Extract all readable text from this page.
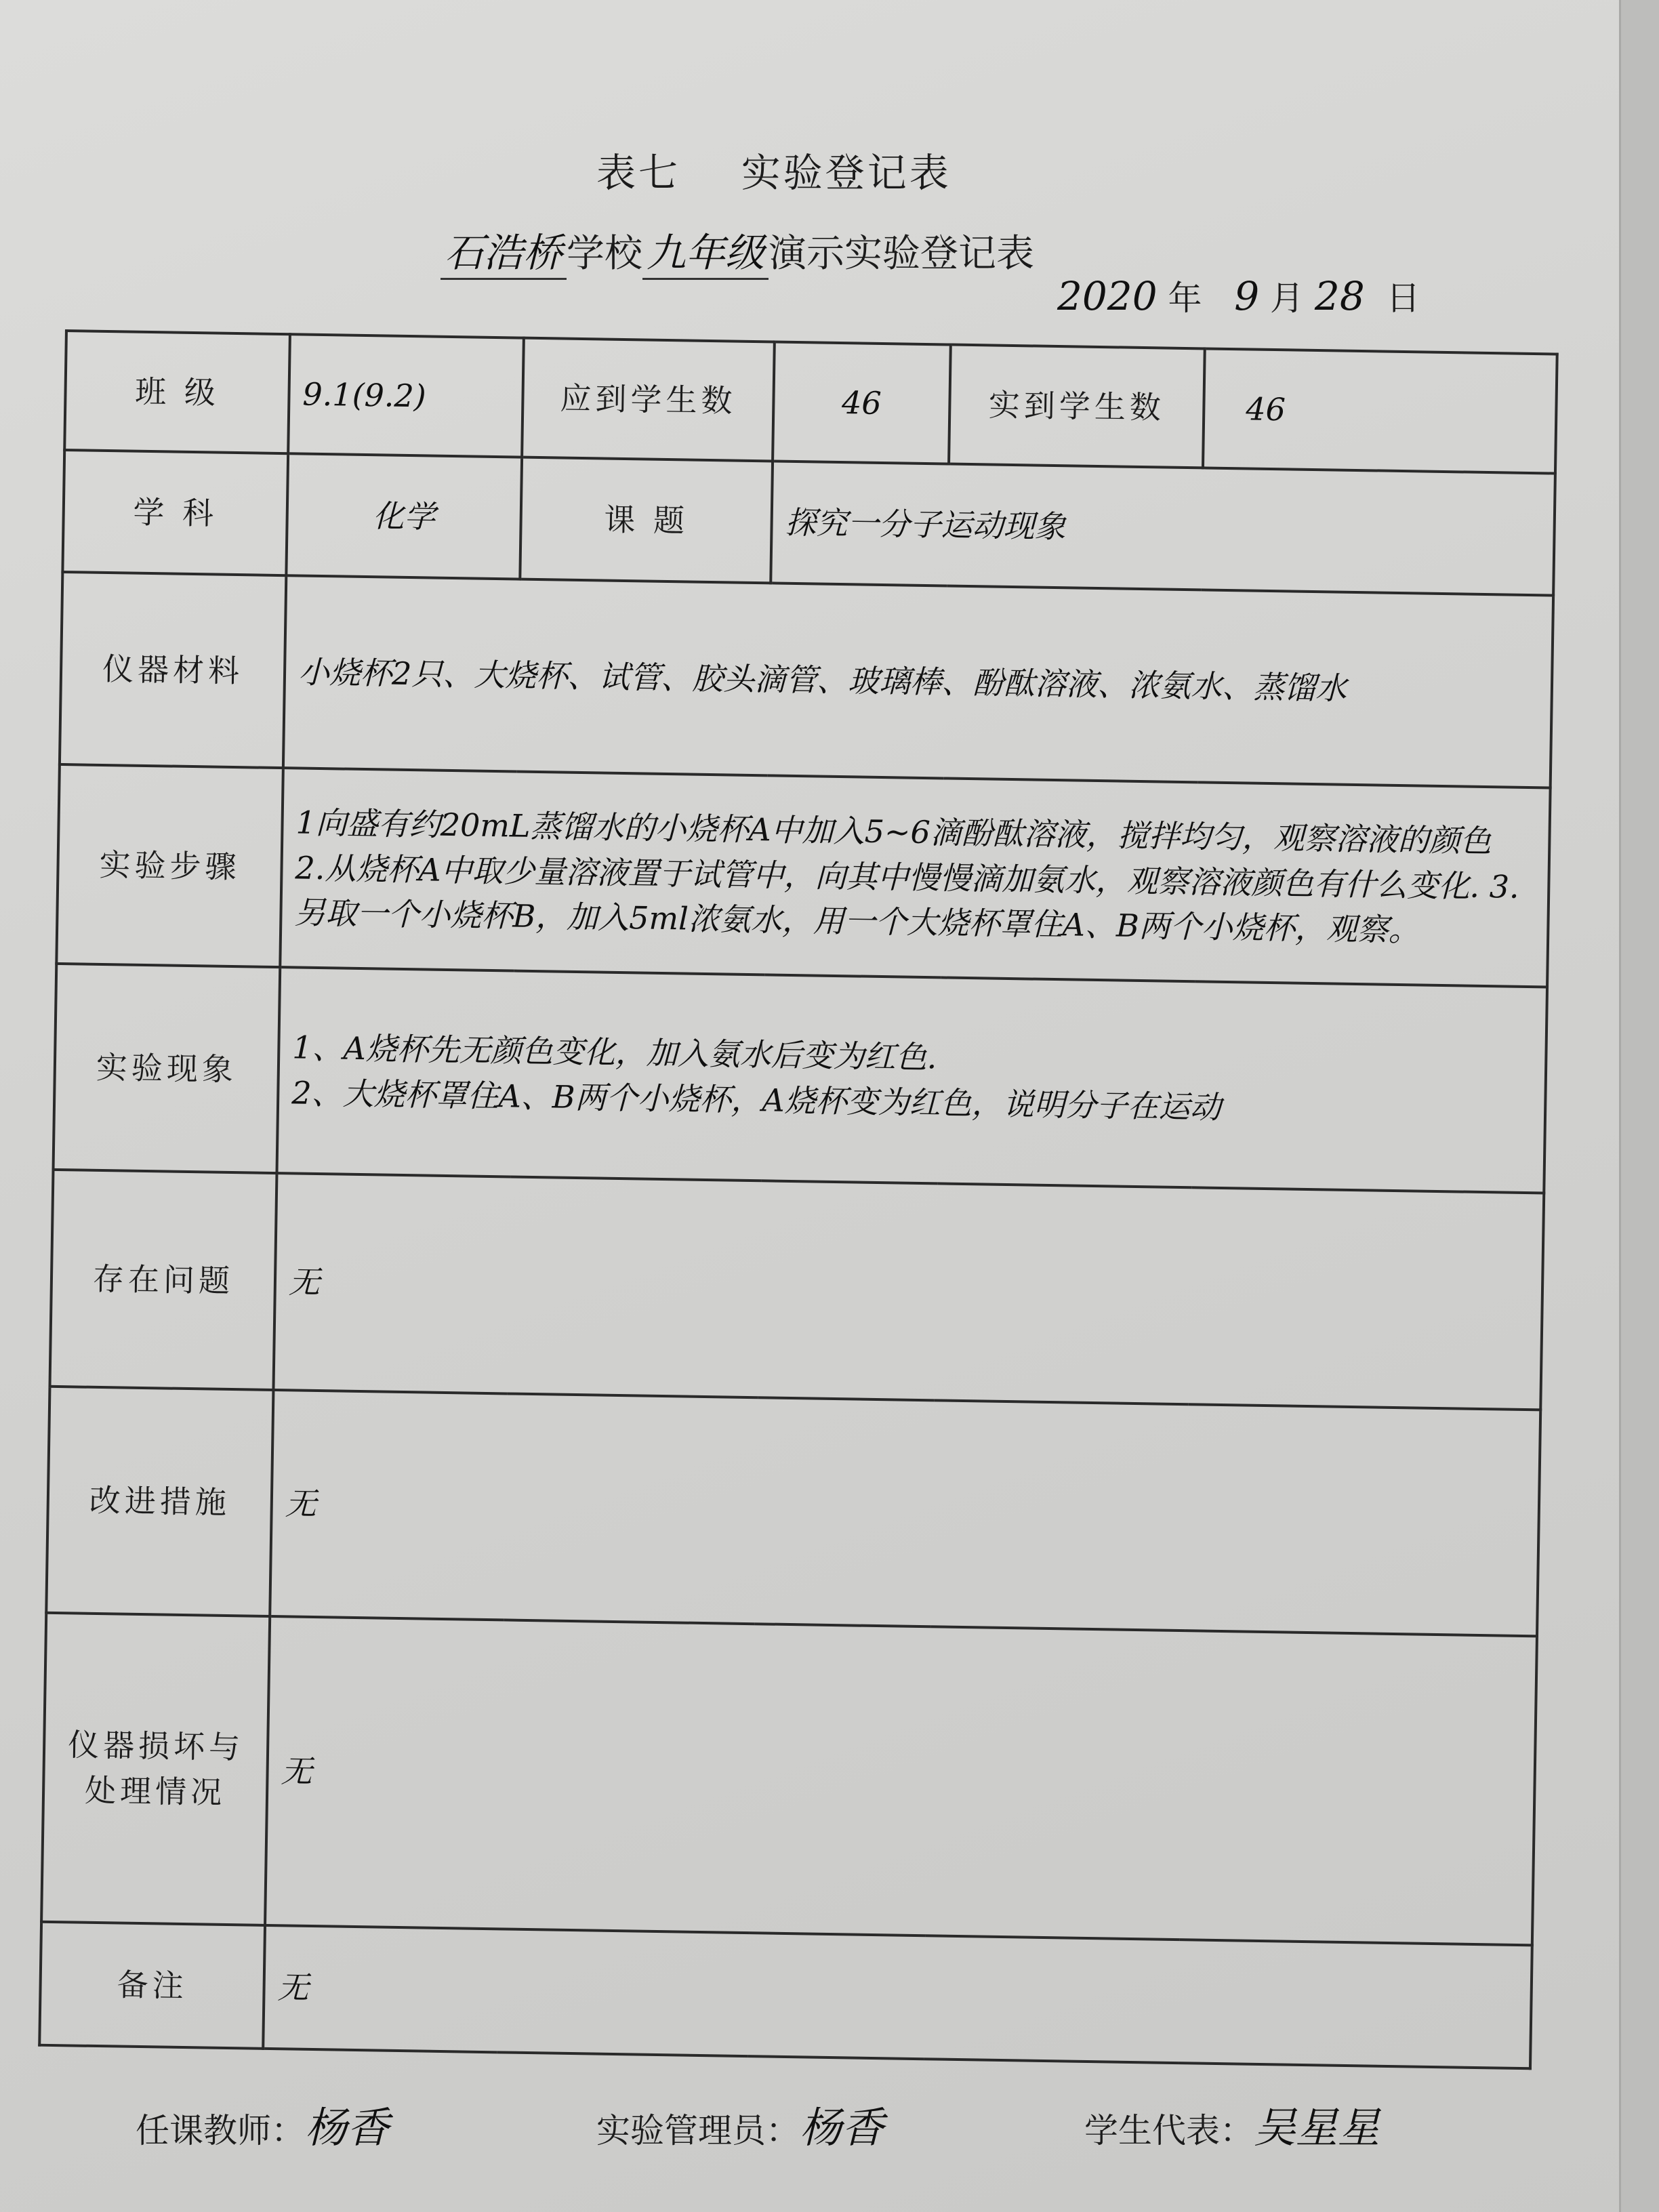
表七    实验登记表
石浩桥 学校 九年级 演示实验登记表
2020 年 9 月 28 日
班 级	9.1(9.2)	应到学生数	46	实到学生数	46
学 科	化学	课 题	探究一分子运动现象		
仪器材料	小烧杯2只、大烧杯、试管、胶头滴管、玻璃棒、酚酞溶液、浓氨水、蒸馏水				
实验步骤	1向盛有约20mL蒸馏水的小烧杯A中加入5~6滴酚酞溶液，搅拌均匀，观察溶液的颜色
2.从烧杯A中取少量溶液置于试管中，向其中慢慢滴加氨水，观察溶液颜色有什么变化. 3.另取一个小烧杯B，加入5ml浓氨水，用一个大烧杯罩住A、B两个小烧杯，观察。				

实验现象	1、A烧杯先无颜色变化，加入氨水后变为红色.
2、大烧杯罩住A、B两个小烧杯，A烧杯变为红色，说明分子在运动				

存在问题	无				
改进措施	无				
仪器损坏与处理情况	无				
备注	无				
任课教师：杨香	实验管理员：杨香	学生代表：吴星星
